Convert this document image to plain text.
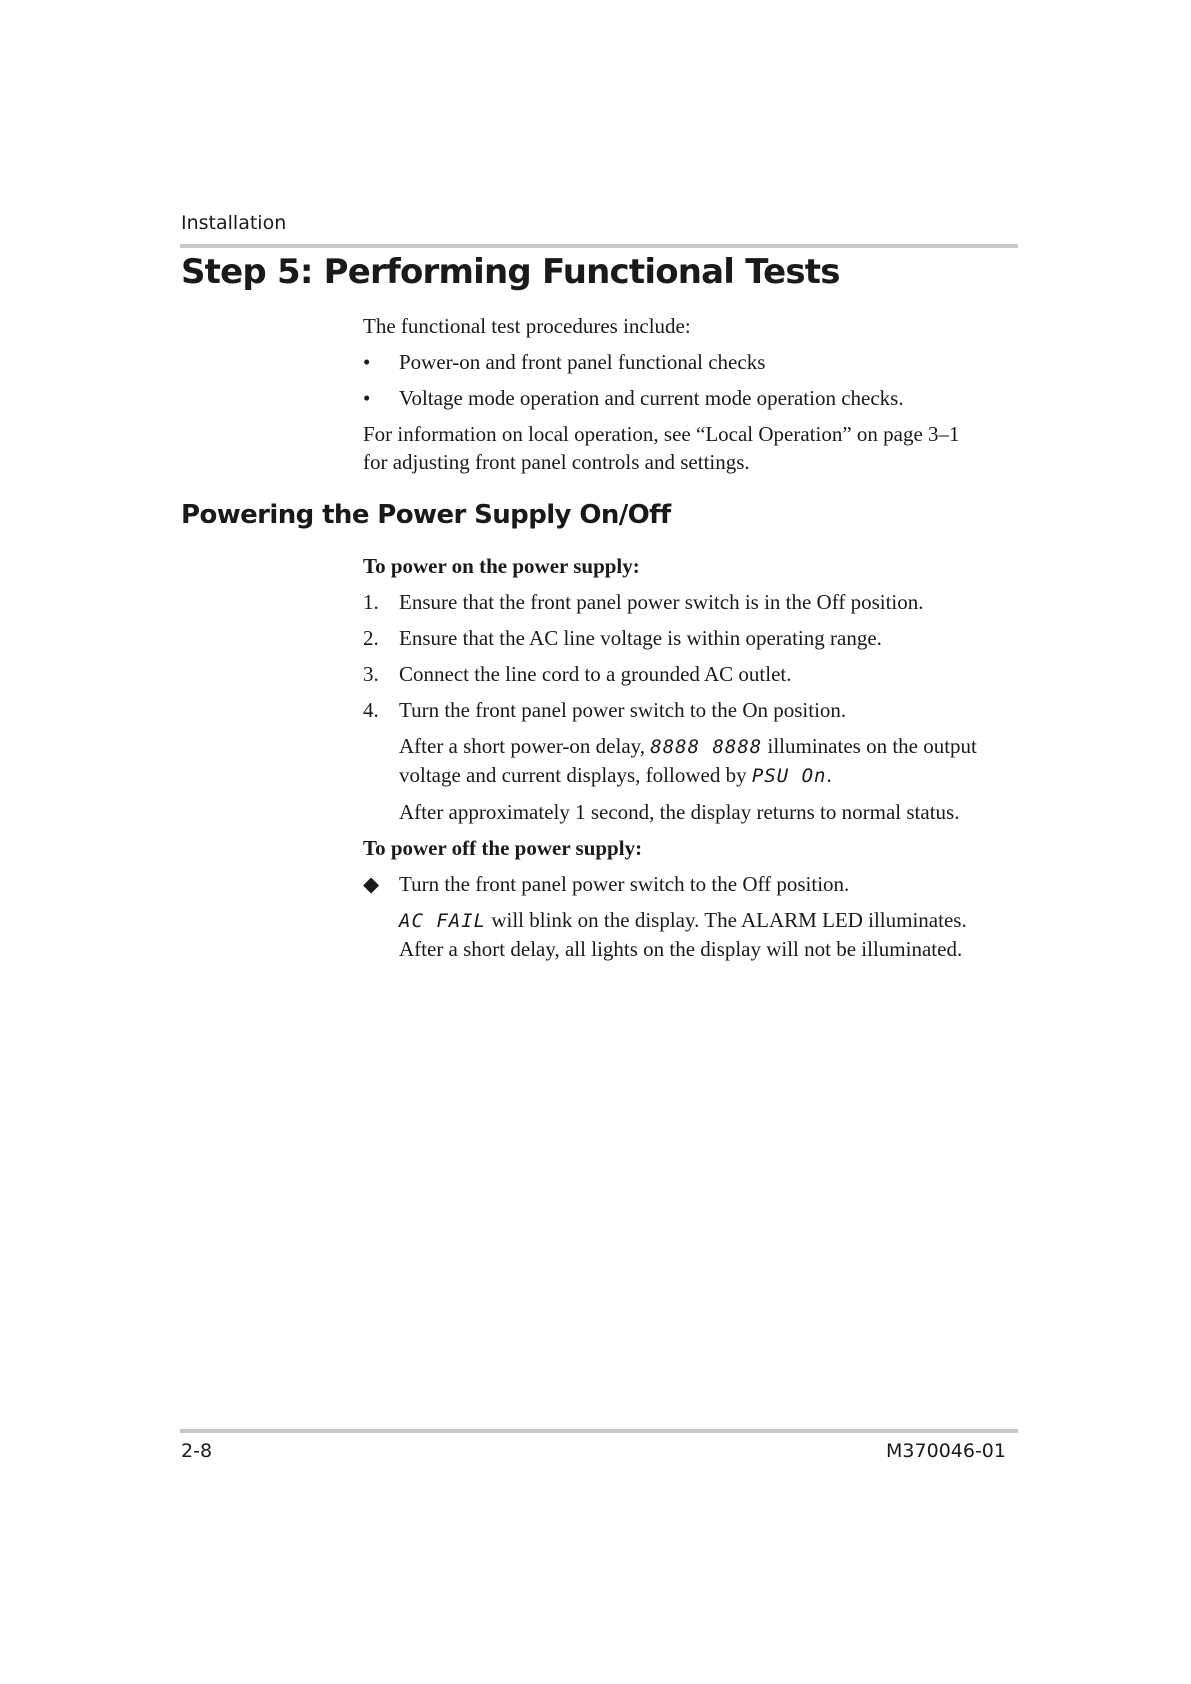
Installation
Step 5: Performing Functional Tests

The functional test procedures include:

•	Power-on and front panel functional checks
•	Voltage mode operation and current mode operation checks.

For information on local operation, see “Local Operation” on page 3–1
for adjusting front panel controls and settings.

Powering the Power Supply On/Off

To power on the power supply:

1. Ensure that the front panel power switch is in the Off position.
2. Ensure that the AC line voltage is within operating range.
3. Connect the line cord to a grounded AC outlet.
4. Turn the front panel power switch to the On position.

After a short power-on delay, 8888 8888 illuminates on the output
voltage and current displays, followed by PSU On.

After approximately 1 second, the display returns to normal status.

To power off the power supply:

◆ Turn the front panel power switch to the Off position.

AC FAIL will blink on the display. The ALARM LED illuminates.
After a short delay, all lights on the display will not be illuminated.

2-8	M370046-01
